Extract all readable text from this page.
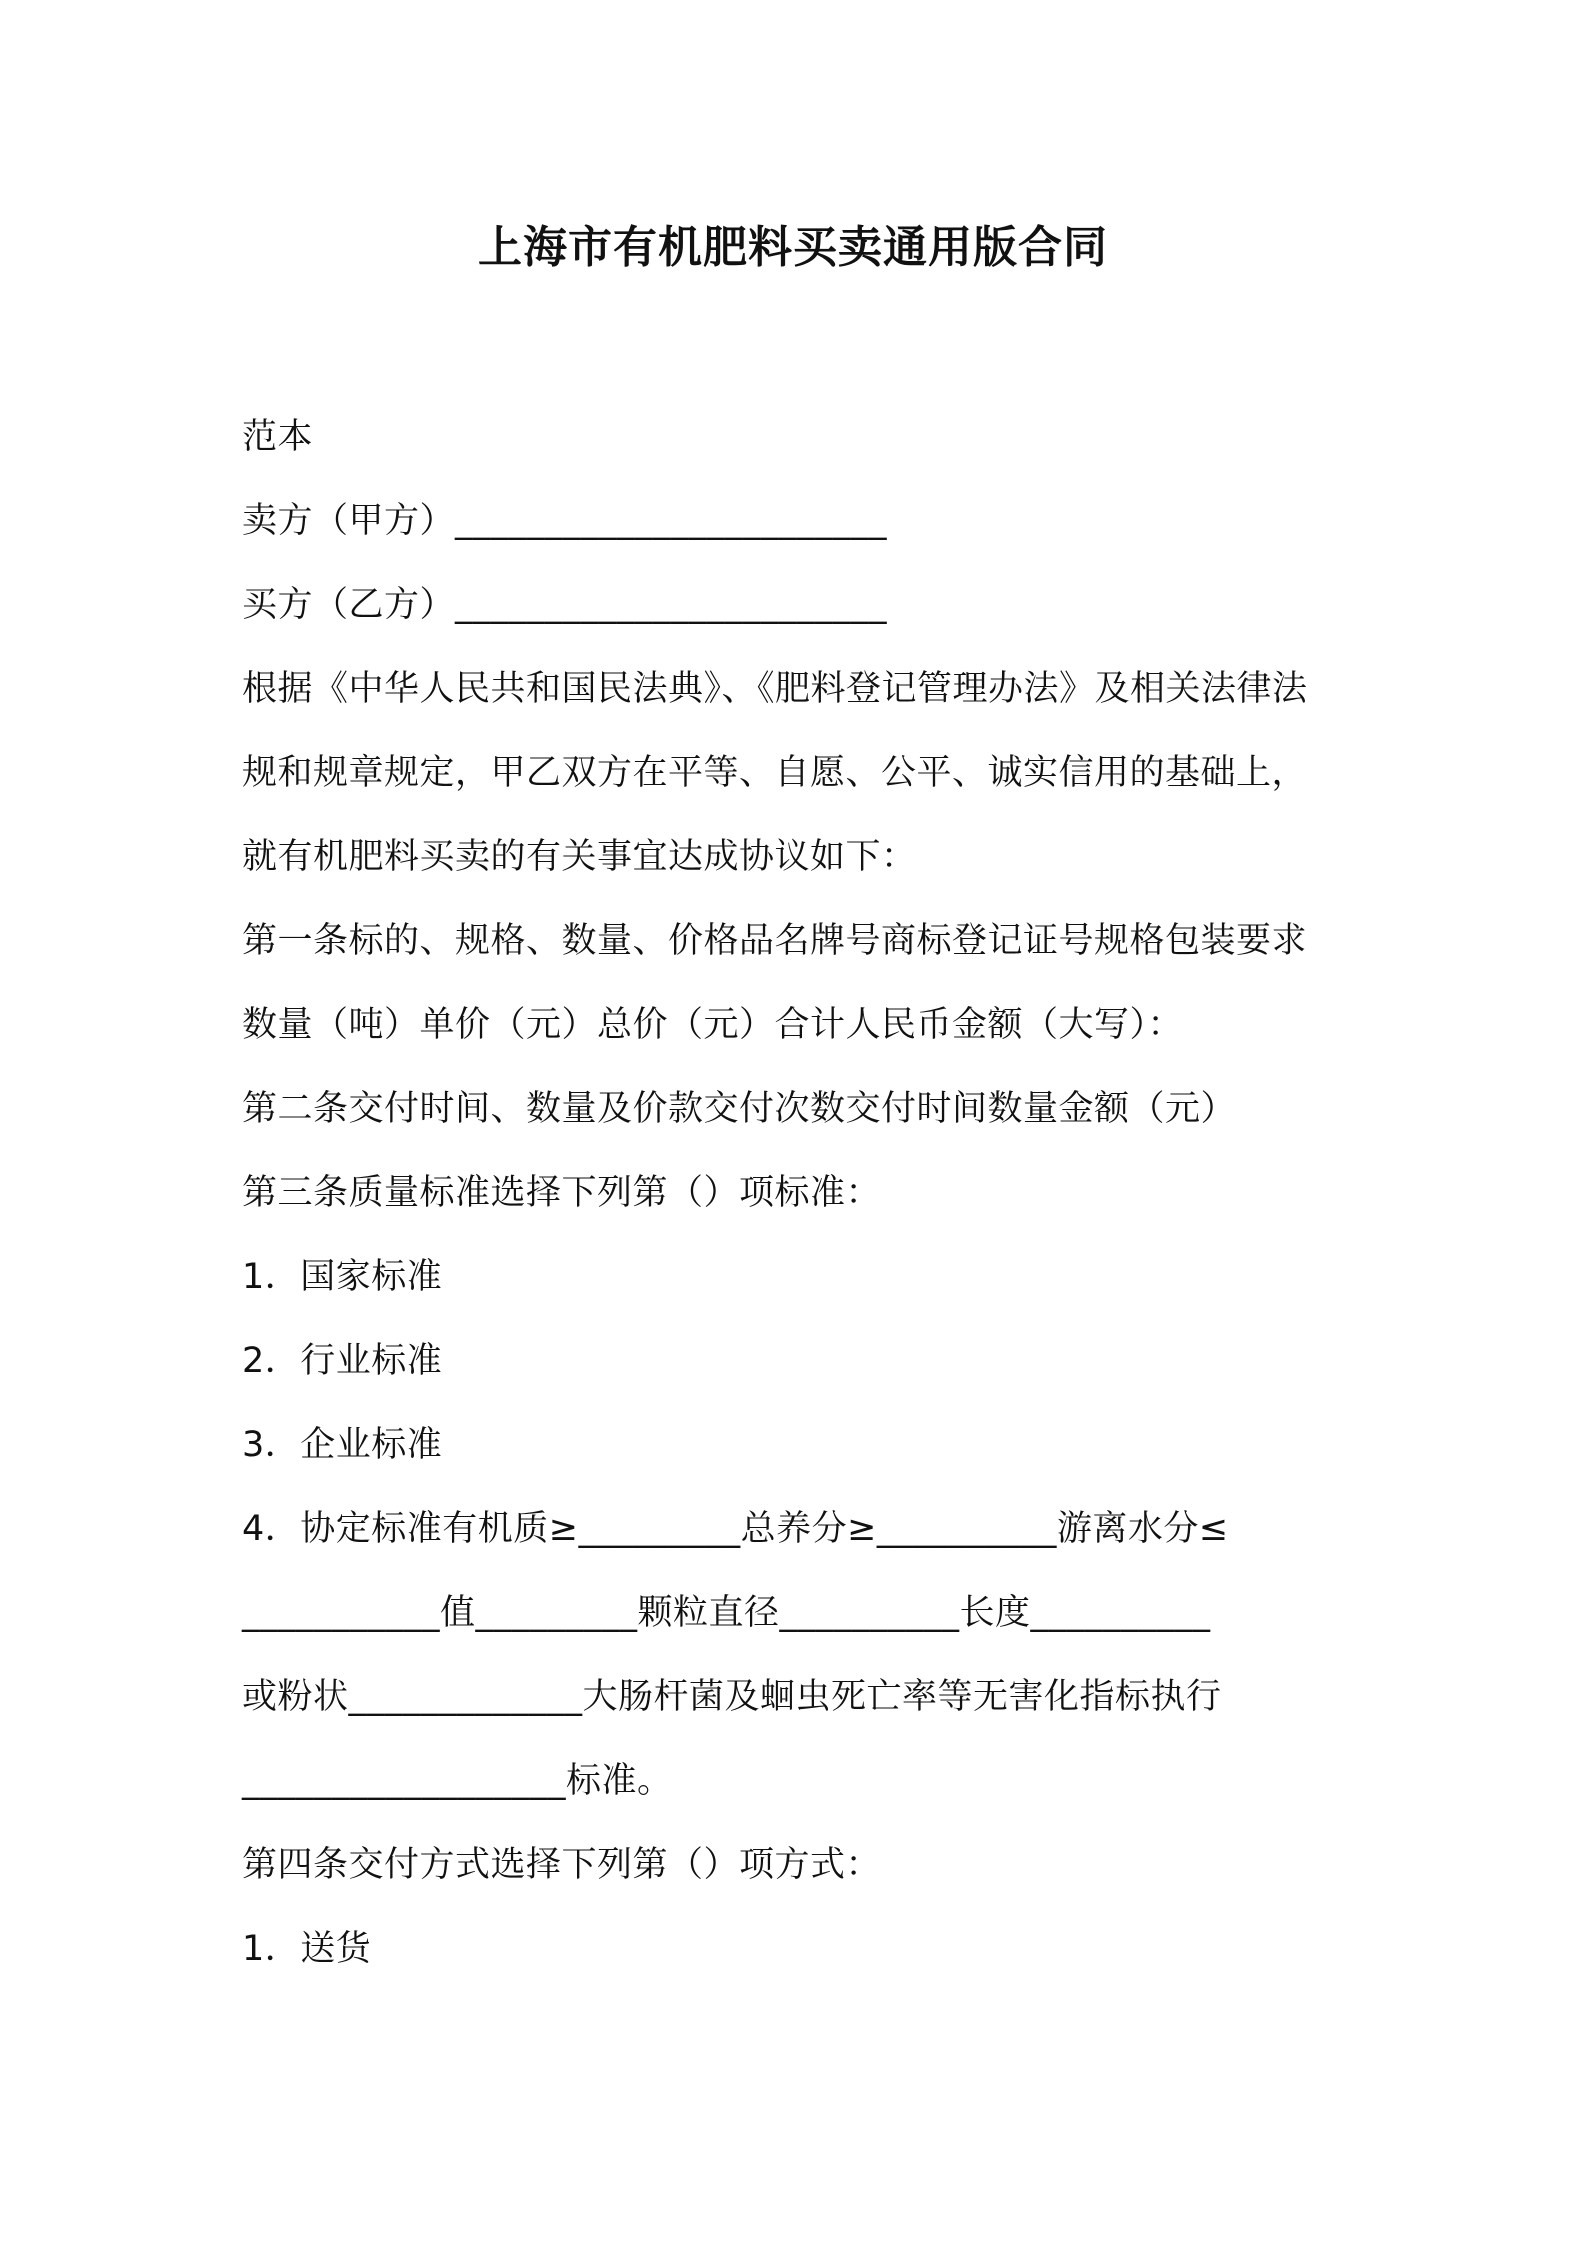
上海市有机肥料买卖通用版合同
范本
卖方（甲方）________________________
买方（乙方）________________________
根据《中华人民共和国民法典》、《肥料登记管理办法》及相关法律法
规和规章规定，甲乙双方在平等、自愿、公平、诚实信用的基础上，
就有机肥料买卖的有关事宜达成协议如下：
第一条标的、规格、数量、价格品名牌号商标登记证号规格包装要求
数量（吨）单价（元）总价（元）合计人民币金额（大写）：
第二条交付时间、数量及价款交付次数交付时间数量金额（元）
第三条质量标准选择下列第（）项标准：
1．国家标准
2．行业标准
3．企业标准
4．协定标准有机质≥_________总养分≥__________游离水分≤
___________值_________颗粒直径__________长度__________
或粉状_____________大肠杆菌及蛔虫死亡率等无害化指标执行
__________________标准。
第四条交付方式选择下列第（）项方式：
1．送货
